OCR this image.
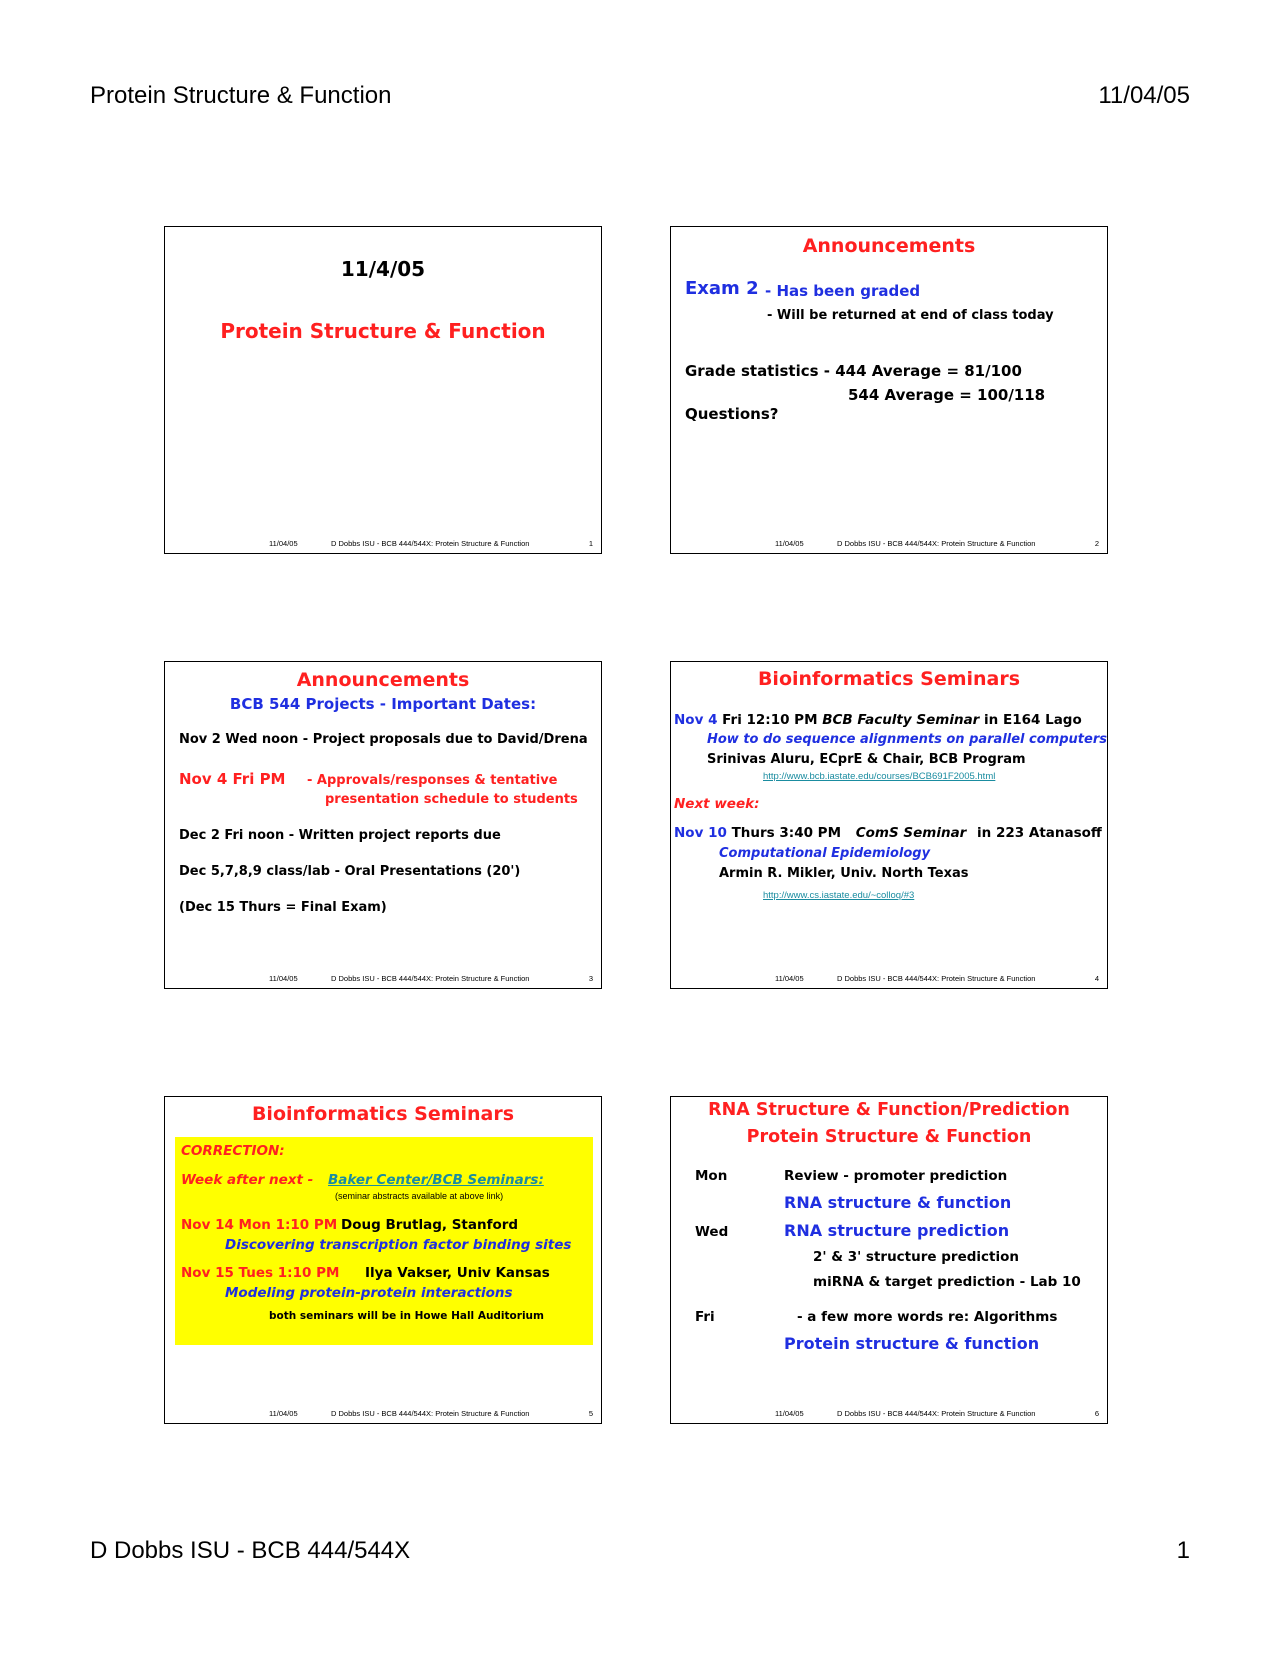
Protein Structure & Function	11/04/05
D Dobbs ISU - BCB 444/544X	1
11/4/05
Protein Structure & Function
11/04/05	D Dobbs ISU - BCB 444/544X: Protein Structure & Function	1
Announcements
Exam 2 - Has been graded
- Will be returned at end of class today
Grade statistics - 444 Average = 81/100
544 Average = 100/118
Questions?
11/04/05	D Dobbs ISU - BCB 444/544X: Protein Structure & Function	2
Announcements
BCB 544 Projects - Important Dates:
Nov 2 Wed noon - Project proposals due to David/Drena
Nov 4 Fri PM - Approvals/responses & tentative
presentation schedule to students
Dec 2 Fri noon - Written project reports due
Dec 5,7,8,9 class/lab - Oral Presentations (20')
(Dec 15 Thurs = Final Exam)
11/04/05	D Dobbs ISU - BCB 444/544X: Protein Structure & Function	3
Bioinformatics Seminars
Nov 4 Fri 12:10 PM BCB Faculty Seminar in E164 Lago
How to do sequence alignments on parallel computers
Srinivas Aluru, ECprE & Chair, BCB Program
http://www.bcb.iastate.edu/courses/BCB691F2005.html
Next week:
Nov 10 Thurs 3:40 PM ComS Seminar in 223 Atanasoff
Computational Epidemiology
Armin R. Mikler, Univ. North Texas
http://www.cs.iastate.edu/~colloq/#3
11/04/05	D Dobbs ISU - BCB 444/544X: Protein Structure & Function	4
Bioinformatics Seminars
CORRECTION:
Week after next - Baker Center/BCB Seminars:
(seminar abstracts available at above link)
Nov 14 Mon 1:10 PM Doug Brutlag, Stanford
Discovering transcription factor binding sites
Nov 15 Tues 1:10 PM Ilya Vakser, Univ Kansas
Modeling protein-protein interactions
both seminars will be in Howe Hall Auditorium
11/04/05	D Dobbs ISU - BCB 444/544X: Protein Structure & Function	5
RNA Structure & Function/Prediction
Protein Structure & Function
Mon	Review - promoter prediction
RNA structure & function
Wed	RNA structure prediction
2' & 3' structure prediction
miRNA & target prediction - Lab 10
Fri	- a few more words re: Algorithms
Protein structure & function
11/04/05	D Dobbs ISU - BCB 444/544X: Protein Structure & Function	6
